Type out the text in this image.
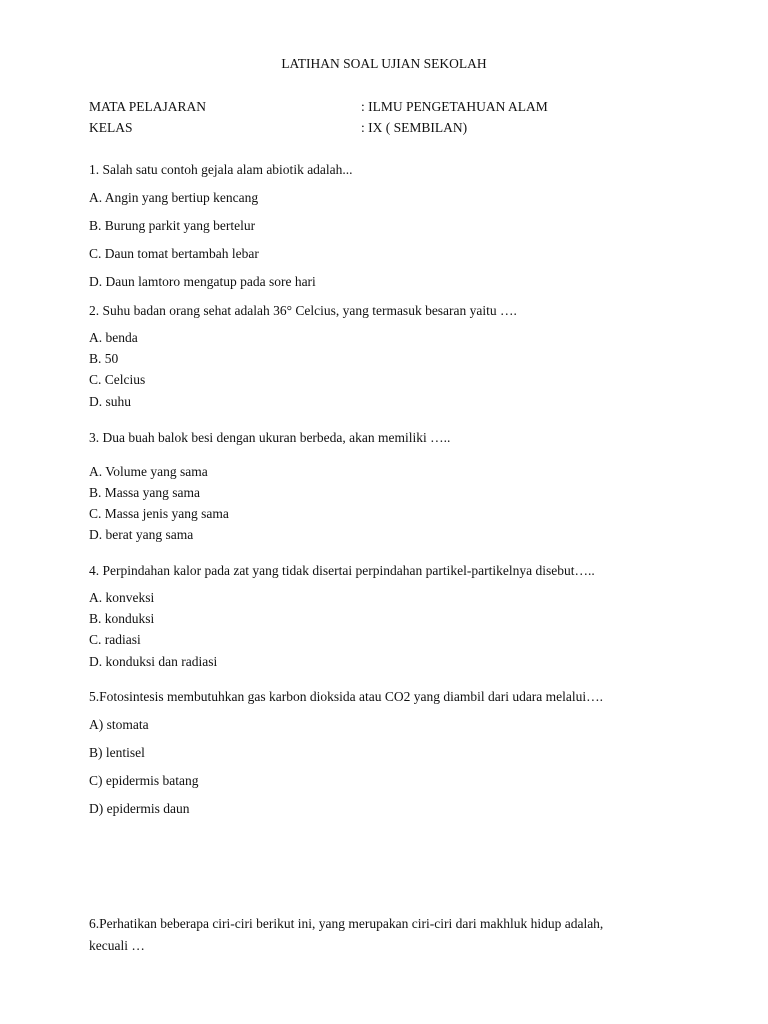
LATIHAN SOAL UJIAN SEKOLAH
MATA PELAJARAN	: ILMU PENGETAHUAN ALAM
KELAS	: IX ( SEMBILAN)
1. Salah satu contoh gejala alam abiotik adalah...
A. Angin yang bertiup kencang
B. Burung parkit yang bertelur
C. Daun tomat bertambah lebar
D. Daun lamtoro mengatup pada sore hari
2. Suhu badan orang sehat adalah 36° Celcius, yang termasuk besaran yaitu ….
A. benda
B. 50
C. Celcius
D. suhu
3. Dua buah balok besi dengan ukuran berbeda, akan memiliki …..
A. Volume yang sama
B. Massa yang sama
C. Massa jenis yang sama
D. berat yang sama
4. Perpindahan kalor pada zat yang tidak disertai perpindahan partikel-partikelnya disebut…..
A. konveksi
B. konduksi
C. radiasi
D. konduksi dan radiasi
5.Fotosintesis membutuhkan gas karbon dioksida atau CO2 yang diambil dari udara melalui….
A) stomata
B) lentisel
C) epidermis batang
D) epidermis daun
6.Perhatikan beberapa ciri-ciri berikut ini, yang merupakan ciri-ciri dari makhluk hidup adalah,
kecuali …
